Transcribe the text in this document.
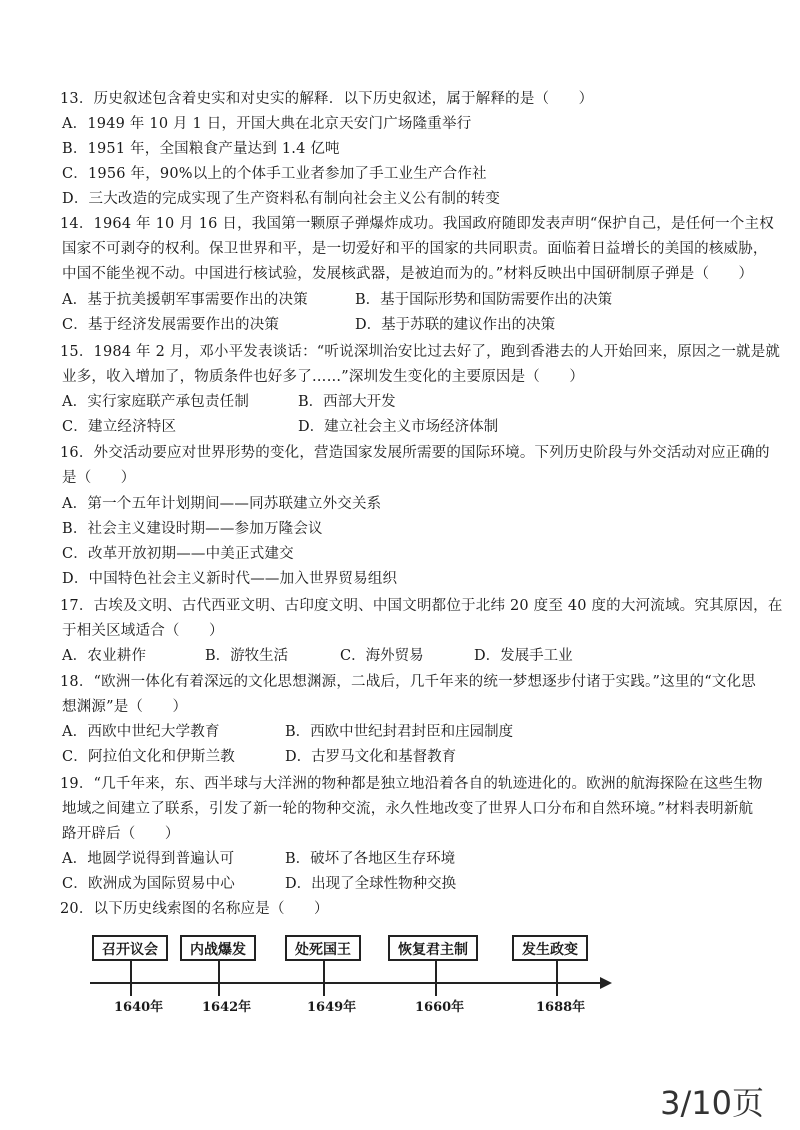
13．历史叙述包含着史实和对史实的解释．以下历史叙述，属于解释的是（　　）
A．1949 年 10 月 1 日，开国大典在北京天安门广场隆重举行
B．1951 年，全国粮食产量达到 1.4 亿吨
C．1956 年，90%以上的个体手工业者参加了手工业生产合作社
D．三大改造的完成实现了生产资料私有制向社会主义公有制的转变
14．1964 年 10 月 16 日，我国第一颗原子弹爆炸成功。我国政府随即发表声明“保护自己，是任何一个主权
国家不可剥夺的权利。保卫世界和平，是一切爱好和平的国家的共同职责。面临着日益增长的美国的核威胁，
中国不能坐视不动。中国进行核试验，发展核武器，是被迫而为的。”材料反映出中国研制原子弹是（　　）
A．基于抗美援朝军事需要作出的决策	B．基于国际形势和国防需要作出的决策
C．基于经济发展需要作出的决策	D．基于苏联的建议作出的决策
15．1984 年 2 月，邓小平发表谈话：“听说深圳治安比过去好了，跑到香港去的人开始回来，原因之一就是就
业多，收入增加了，物质条件也好多了……”深圳发生变化的主要原因是（　　）
A．实行家庭联产承包责任制	B．西部大开发
C．建立经济特区	D．建立社会主义市场经济体制
16．外交活动要应对世界形势的变化，营造国家发展所需要的国际环境。下列历史阶段与外交活动对应正确的
是（　　）
A．第一个五年计划期间——同苏联建立外交关系
B．社会主义建设时期——参加万隆会议
C．改革开放初期——中美正式建交
D．中国特色社会主义新时代——加入世界贸易组织
17．古埃及文明、古代西亚文明、古印度文明、中国文明都位于北纬 20 度至 40 度的大河流域。究其原因，在
于相关区域适合（　　）
A．农业耕作	B．游牧生活	C．海外贸易	D．发展手工业
18．“欧洲一体化有着深远的文化思想渊源，二战后，几千年来的统一梦想逐步付诸于实践。”这里的“文化思
想渊源”是（　　）
A．西欧中世纪大学教育	B．西欧中世纪封君封臣和庄园制度
C．阿拉伯文化和伊斯兰教	D．古罗马文化和基督教育
19．“几千年来，东、西半球与大洋洲的物种都是独立地沿着各自的轨迹进化的。欧洲的航海探险在这些生物
地域之间建立了联系，引发了新一轮的物种交流，永久性地改变了世界人口分布和自然环境。”材料表明新航
路开辟后（　　）
A．地圆学说得到普遍认可	B．破坏了各地区生存环境
C．欧洲成为国际贸易中心	D．出现了全球性物种交换
20．以下历史线索图的名称应是（　　）
召开议会	内战爆发	处死国王	恢复君主制	发生政变
1640年	1642年	1649年	1660年	1688年
3/10页
